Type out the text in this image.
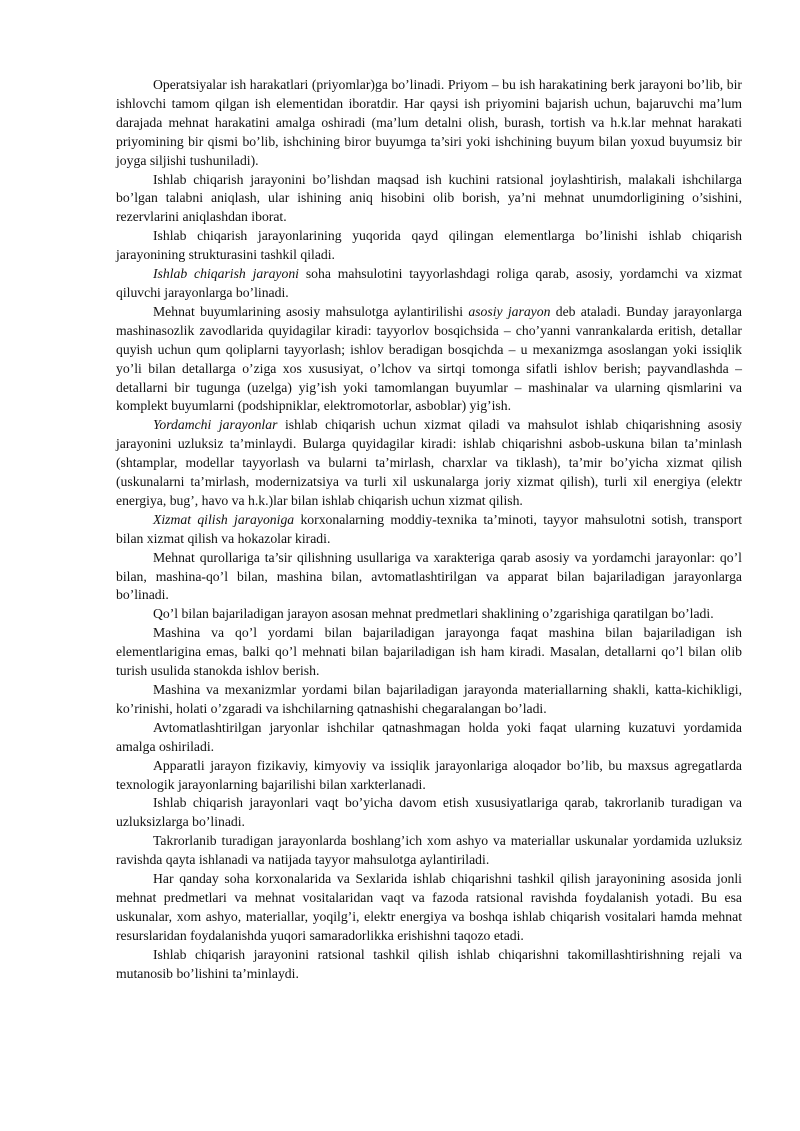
Operatsiyalar ish harakatlari (priyomlar)ga bo’linadi. Priyom – bu ish harakatining berk jarayoni bo’lib, bir ishlovchi tamom qilgan ish elementidan iboratdir. Har qaysi ish priyomini bajarish uchun, bajaruvchi ma’lum darajada mehnat harakatini amalga oshiradi (ma’lum detalni olish, burash, tortish va h.k.lar mehnat harakati priyomining bir qismi bo’lib, ishchining biror buyumga ta’siri yoki ishchining buyum bilan yoxud buyumsiz bir joyga siljishi tushuniladi).

Ishlab chiqarish jarayonini bo’lishdan maqsad ish kuchini ratsional joylashtirish, malakali ishchilarga bo’lgan talabni aniqlash, ular ishining aniq hisobini olib borish, ya’ni mehnat unumdorligining o’sishini, rezervlarini aniqlashdan iborat.

Ishlab chiqarish jarayonlarining yuqorida qayd qilingan elementlarga bo’linishi ishlab chiqarish jarayonining strukturasini tashkil qiladi.

Ishlab chiqarish jarayoni soha mahsulotini tayyorlashdagi roliga qarab, asosiy, yordamchi va xizmat qiluvchi jarayonlarga bo’linadi.

Mehnat buyumlarining asosiy mahsulotga aylantirilishi asosiy jarayon deb ataladi. Bunday jarayonlarga mashinasozlik zavodlarida quyidagilar kiradi: tayyorlov bosqichsida – cho’yanni vanrankalarda eritish, detallar quyish uchun qum qoliplarni tayyorlash; ishlov beradigan bosqichda – u mexanizmga asoslangan yoki issiqlik yo’li bilan detallarga o’ziga xos xususiyat, o’lchov va sirtqi tomonga sifatli ishlov berish; payvandlashda – detallarni bir tugunga (uzelga) yig’ish yoki tamomlangan buyumlar – mashinalar va ularning qismlarini va komplekt buyumlarni (podshipniklar, elektromotorlar, asboblar) yig’ish.

Yordamchi jarayonlar ishlab chiqarish uchun xizmat qiladi va mahsulot ishlab chiqarishning asosiy jarayonini uzluksiz ta’minlaydi. Bularga quyidagilar kiradi: ishlab chiqarishni asbob-uskuna bilan ta’minlash (shtamplar, modellar tayyorlash va bularni ta’mirlash, charxlar va tiklash), ta’mir bo’yicha xizmat qilish (uskunalarni ta’mirlash, modernizatsiya va turli xil uskunalarga joriy xizmat qilish), turli xil energiya (elektr energiya, bug’, havo va h.k.)lar bilan ishlab chiqarish uchun xizmat qilish.

Xizmat qilish jarayoniga korxonalarning moddiy-texnika ta’minoti, tayyor mahsulotni sotish, transport bilan xizmat qilish va hokazolar kiradi.

Mehnat qurollariga ta’sir qilishning usullariga va xarakteriga qarab asosiy va yordamchi jarayonlar: qo’l bilan, mashina-qo’l bilan, mashina bilan, avtomatlashtirilgan va apparat bilan bajariladigan jarayonlarga bo’linadi.

Qo’l bilan bajariladigan jarayon asosan mehnat predmetlari shaklining o’zgarishiga qaratilgan bo’ladi.

Mashina va qo’l yordami bilan bajariladigan jarayonga faqat mashina bilan bajariladigan ish elementlarigina emas, balki qo’l mehnati bilan bajariladigan ish ham kiradi. Masalan, detallarni qo’l bilan olib turish usulida stanokda ishlov berish.

Mashina va mexanizmlar yordami bilan bajariladigan jarayonda materiallarning shakli, katta-kichikligi, ko’rinishi, holati o’zgaradi va ishchilarning qatnashishi chegaralangan bo’ladi.

Avtomatlashtirilgan jaryonlar ishchilar qatnashmagan holda yoki faqat ularning kuzatuvi yordamida amalga oshiriladi.

Apparatli jarayon fizikaviy, kimyoviy va issiqlik jarayonlariga aloqador bo’lib, bu maxsus agregatlarda texnologik jarayonlarning bajarilishi bilan xarkterlanadi.

Ishlab chiqarish jarayonlari vaqt bo’yicha davom etish xususiyatlariga qarab, takrorlanib turadigan va uzluksizlarga bo’linadi.

Takrorlanib turadigan jarayonlarda boshlang’ich xom ashyo va materiallar uskunalar yordamida uzluksiz ravishda qayta ishlanadi va natijada tayyor mahsulotga aylantiriladi.

Har qanday soha korxonalarida va Sexlarida ishlab chiqarishni tashkil qilish jarayonining asosida jonli mehnat predmetlari va mehnat vositalaridan vaqt va fazoda ratsional ravishda foydalanish yotadi. Bu esa uskunalar, xom ashyo, materiallar, yoqilg’i, elektr energiya va boshqa ishlab chiqarish vositalari hamda mehnat resurslaridan foydalanishda yuqori samaradorlikka erishishni taqozo etadi.

Ishlab chiqarish jarayonini ratsional tashkil qilish ishlab chiqarishni takomillashtirishning rejali va mutanosib bo’lishini ta’minlaydi.
